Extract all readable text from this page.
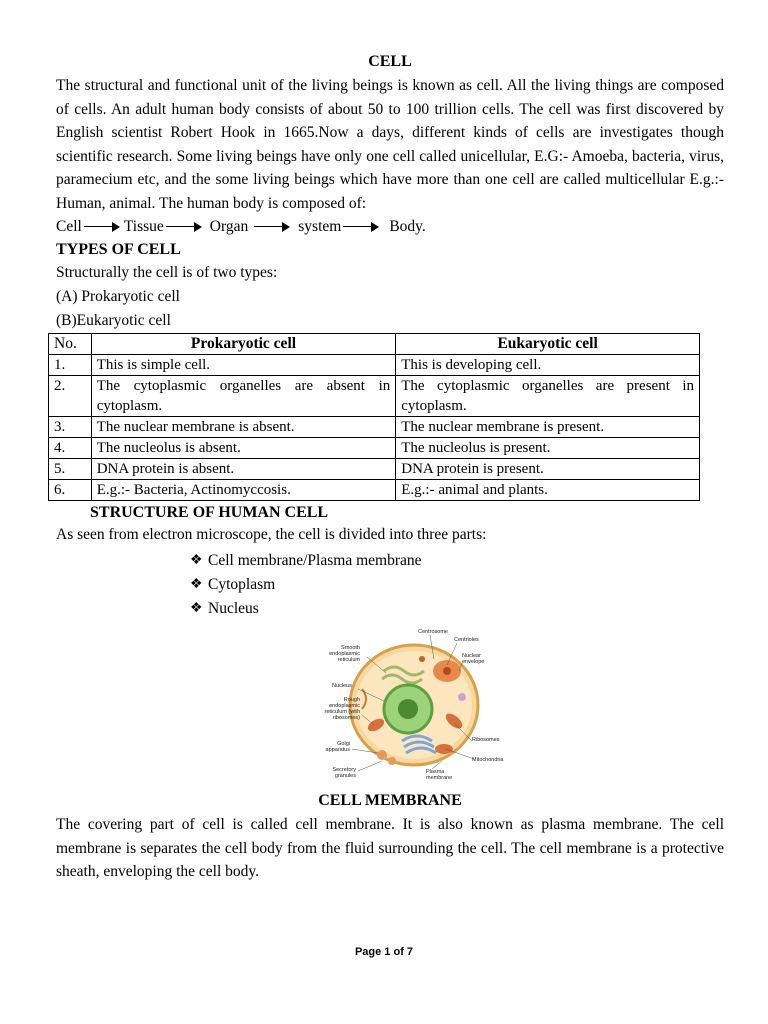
CELL

The structural and functional unit of the living beings is known as cell. All the living things are composed of cells. An adult human body consists of about 50 to 100 trillion cells. The cell was first discovered by English scientist Robert Hook in 1665.Now a days, different kinds of cells are investigates though scientific research. Some living beings have only one cell called unicellular, E.G:- Amoeba, bacteria, virus, paramecium etc, and the some living beings which have more than one cell are called multicellular E.g.:- Human, animal. The human body is composed of:

Cell	Tissue	Organ	system	Body.
TYPES OF CELL
Structurally the cell is of two types:
(A) Prokaryotic cell
(B)Eukaryotic cell
No.	Prokaryotic cell	Eukaryotic cell
1.	This is simple cell.	This is developing cell.
2.	The cytoplasmic organelles are absent in cytoplasm.	The cytoplasmic organelles are present in cytoplasm.
3.	The nuclear membrane is absent.	The nuclear membrane is present.
4.	The nucleolus is absent.	The nucleolus is present.
5.	DNA protein is absent.	DNA protein is present.
6.	E.g.:- Bacteria, Actinomyccosis.	E.g.:- animal and plants.
STRUCTURE OF HUMAN CELL
As seen from electron microscope, the cell is divided into three parts:
❖ Cell membrane/Plasma membrane
❖ Cytoplasm
❖ Nucleus
Centrosome
Centrioles
Smooth endoplasmic reticulum
Nuclear envelope
Nucleus
Rough endoplasmic reticulum (with ribosomes)
Golgi apparatus
Ribosomes
Mitochondria
Secretory granules
Plasma membrane
CELL MEMBRANE

The covering part of cell is called cell membrane. It is also known as plasma membrane. The cell membrane is separates the cell body from the fluid surrounding the cell. The cell membrane is a protective sheath, enveloping the cell body.

Page 1 of 7
